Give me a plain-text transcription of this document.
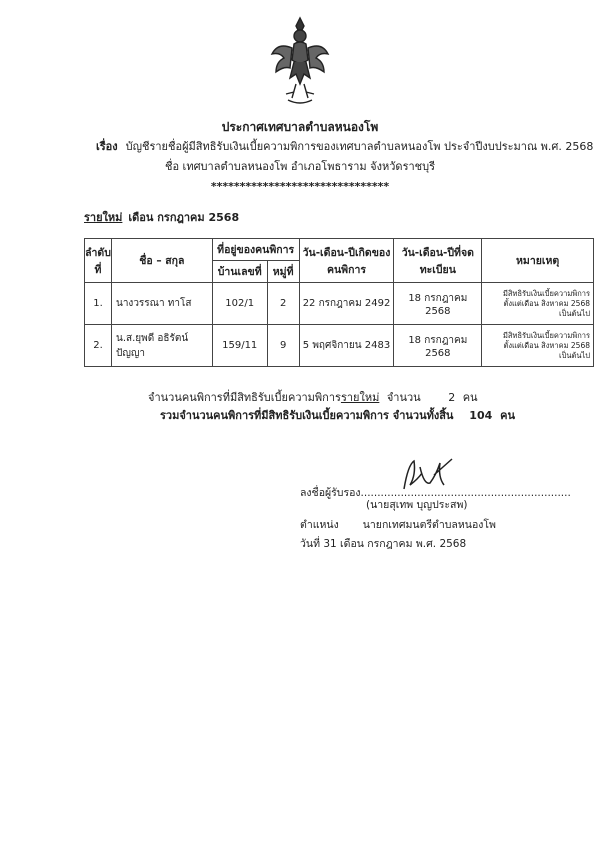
ประกาศเทศบาลตำบลหนองโพ
เรื่อง บัญชีรายชื่อผู้มีสิทธิรับเงินเบี้ยความพิการของเทศบาลตำบลหนองโพ ประจำปีงบประมาณ พ.ศ. 2568
ชื่อ เทศบาลตำบลหนองโพ อำเภอโพธาราม จังหวัดราชบุรี
*******************************
รายใหม่ เดือน กรกฎาคม 2568
ลำดับที่	ชื่อ – สกุล	ที่อยู่ของคนพิการ		วัน-เดือน-ปีเกิดของคนพิการ	วัน-เดือน-ปีที่จดทะเบียน	หมายเหตุ
		บ้านเลขที่	หมู่ที่			
1.	นางวรรณา ทาโส	102/1	2	22 กรกฎาคม 2492	18 กรกฎาคม 2568	มีสิทธิรับเงินเบี้ยความพิการ
ตั้งแต่เดือน สิงหาคม 2568
เป็นต้นไป

2.	น.ส.ยุพดี อธิรัตน์ปัญญา	159/11	9	5 พฤศจิกายน 2483	18 กรกฎาคม 2568	มีสิทธิรับเงินเบี้ยความพิการ
ตั้งแต่เดือน สิงหาคม 2568
เป็นต้นไป
จำนวนคนพิการที่มีสิทธิรับเบี้ยความพิการรายใหม่ จำนวน	2 คน
รวมจำนวนคนพิการที่มีสิทธิรับเงินเบี้ยความพิการ จำนวนทั้งสิ้น 104 คน
ลงชื่อผู้รับรอง...............................................................
(นายสุเทพ บุญประสพ)
ตำแหน่ง นายกเทศมนตรีตำบลหนองโพ
วันที่ 31 เดือน กรกฎาคม พ.ศ. 2568
